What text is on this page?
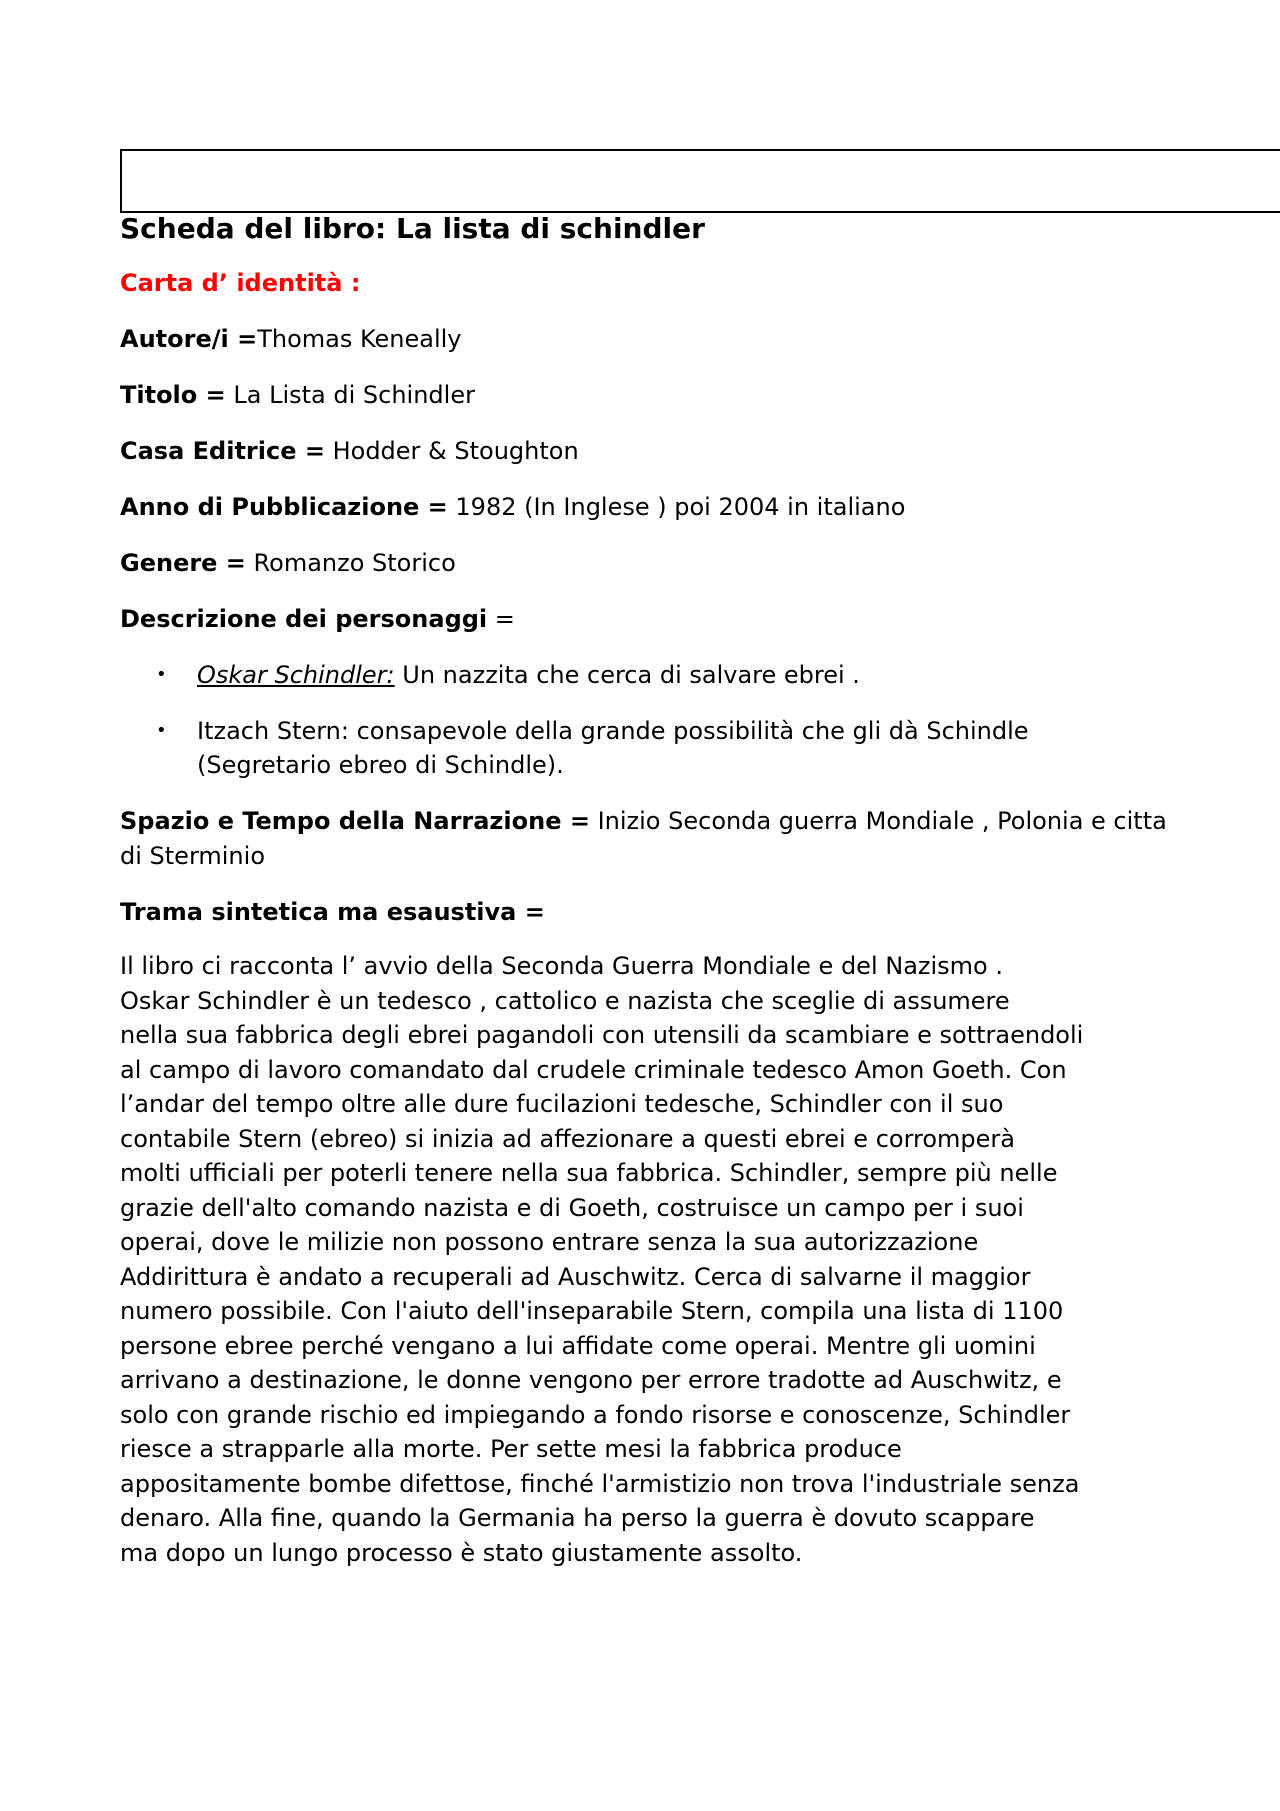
Scheda del libro: La lista di schindler
Carta d’ identità :
Autore/i =Thomas Keneally
Titolo = La Lista di Schindler
Casa Editrice = Hodder & Stoughton
Anno di Pubblicazione = 1982 (In Inglese ) poi 2004 in italiano
Genere = Romanzo Storico
Descrizione dei personaggi =
• Oskar Schindler: Un nazzita che cerca di salvare ebrei .
• Itzach Stern: consapevole della grande possibilità che gli dà Schindle (Segretario ebreo di Schindle).

Spazio e Tempo della Narrazione = Inizio Seconda guerra Mondiale , Polonia e citta di Sterminio

Trama sintetica ma esaustiva =

Il libro ci racconta l’ avvio della Seconda Guerra Mondiale e del Nazismo .
Oskar Schindler è un tedesco , cattolico e nazista che sceglie di assumere
nella sua fabbrica degli ebrei pagandoli con utensili da scambiare e sottraendoli
al campo di lavoro comandato dal crudele criminale tedesco Amon Goeth. Con
l’andar del tempo oltre alle dure fucilazioni tedesche, Schindler con il suo
contabile Stern (ebreo) si inizia ad affezionare a questi ebrei e corromperà
molti ufficiali per poterli tenere nella sua fabbrica. Schindler, sempre più nelle
grazie dell'alto comando nazista e di Goeth, costruisce un campo per i suoi
operai, dove le milizie non possono entrare senza la sua autorizzazione
Addirittura è andato a recuperali ad Auschwitz. Cerca di salvarne il maggior
numero possibile. Con l'aiuto dell'inseparabile Stern, compila una lista di 1100
persone ebree perché vengano a lui affidate come operai. Mentre gli uomini
arrivano a destinazione, le donne vengono per errore tradotte ad Auschwitz, e
solo con grande rischio ed impiegando a fondo risorse e conoscenze, Schindler
riesce a strapparle alla morte. Per sette mesi la fabbrica produce
appositamente bombe difettose, finché l'armistizio non trova l'industriale senza
denaro. Alla fine, quando la Germania ha perso la guerra è dovuto scappare
ma dopo un lungo processo è stato giustamente assolto.
